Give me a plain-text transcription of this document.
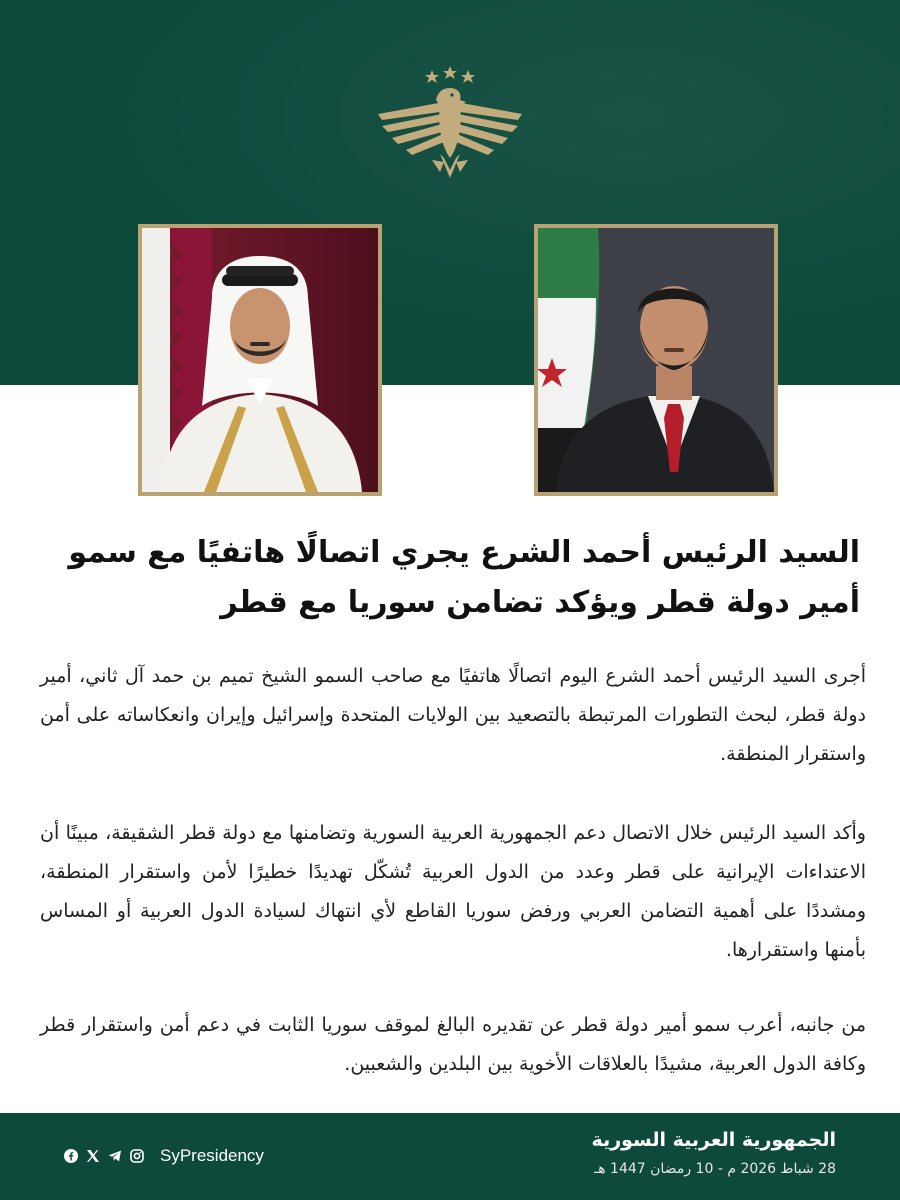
السيد الرئيس أحمد الشرع يجري اتصالًا هاتفيًا مع سمو
أمير دولة قطر ويؤكد تضامن سوريا مع قطر
أجرى السيد الرئيس أحمد الشرع اليوم اتصالًا هاتفيًا مع صاحب السمو الشيخ تميم بن حمد آل ثاني، أمير دولة قطر، لبحث التطورات المرتبطة بالتصعيد بين الولايات المتحدة وإسرائيل وإيران وانعكاساته على أمن واستقرار المنطقة.
وأكد السيد الرئيس خلال الاتصال دعم الجمهورية العربية السورية وتضامنها مع دولة قطر الشقيقة، مبينًا أن الاعتداءات الإيرانية على قطر وعدد من الدول العربية تُشكّل تهديدًا خطيرًا لأمن واستقرار المنطقة، ومشددًا على أهمية التضامن العربي ورفض سوريا القاطع لأي انتهاك لسيادة الدول العربية أو المساس بأمنها واستقرارها.
من جانبه، أعرب سمو أمير دولة قطر عن تقديره البالغ لموقف سوريا الثابت في دعم أمن واستقرار قطر وكافة الدول العربية، مشيدًا بالعلاقات الأخوية بين البلدين والشعبين.
الجمهورية العربية السورية
28 شباط 2026 م - 10 رمضان 1447 هـ
SyPresidency
